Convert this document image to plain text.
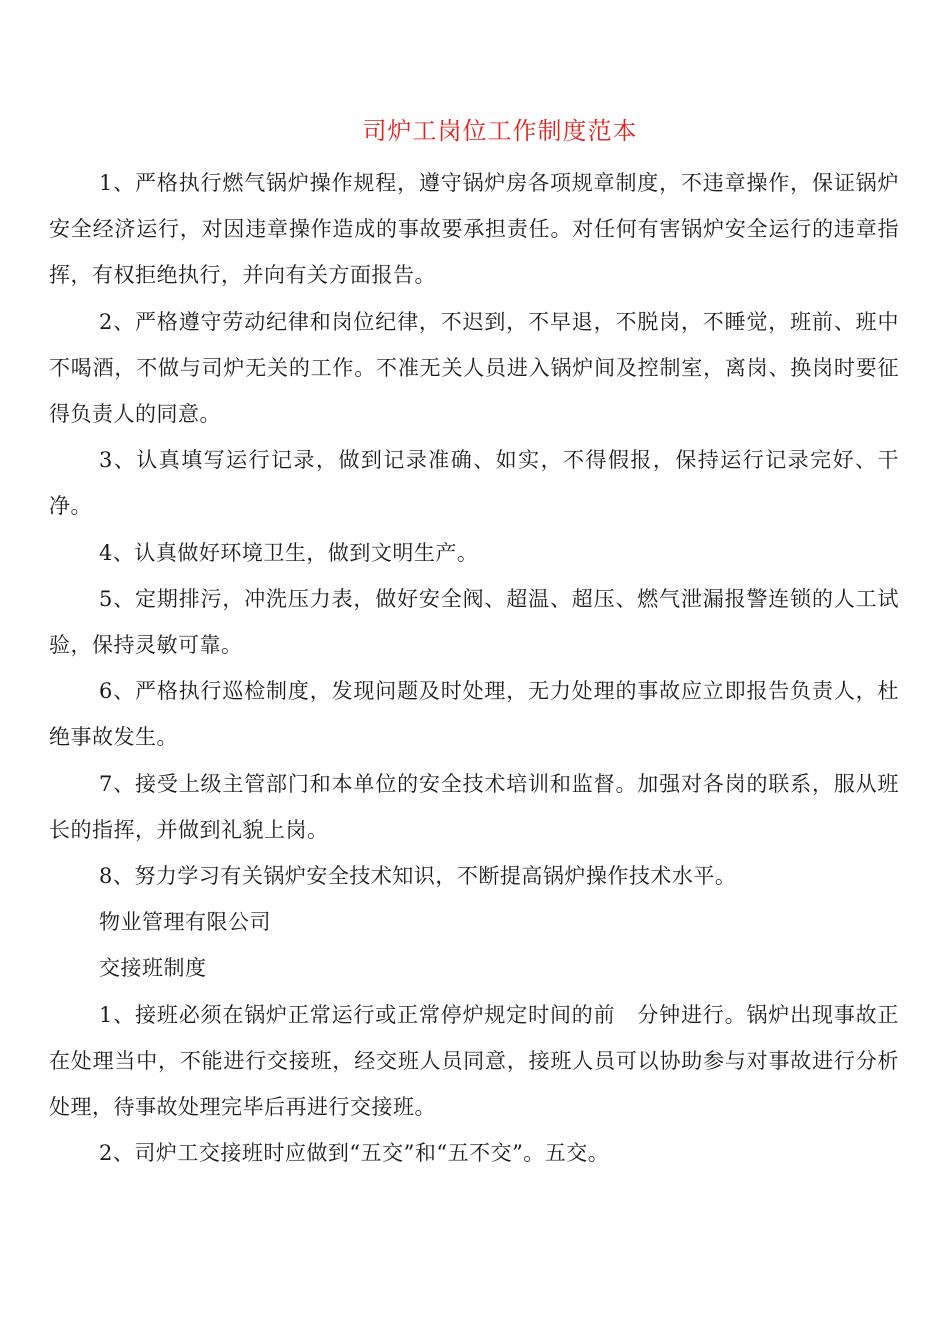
司炉工岗位工作制度范本

1、严格执行燃气锅炉操作规程，遵守锅炉房各项规章制度，不违章操作，保证锅炉安全经济运行，对因违章操作造成的事故要承担责任。对任何有害锅炉安全运行的违章指挥，有权拒绝执行，并向有关方面报告。

2、严格遵守劳动纪律和岗位纪律，不迟到，不早退，不脱岗，不睡觉，班前、班中不喝酒，不做与司炉无关的工作。不准无关人员进入锅炉间及控制室，离岗、换岗时要征得负责人的同意。

3、认真填写运行记录，做到记录准确、如实，不得假报，保持运行记录完好、干净。

4、认真做好环境卫生，做到文明生产。

5、定期排污，冲洗压力表，做好安全阀、超温、超压、燃气泄漏报警连锁的人工试验，保持灵敏可靠。

6、严格执行巡检制度，发现问题及时处理，无力处理的事故应立即报告负责人，杜绝事故发生。

7、接受上级主管部门和本单位的安全技术培训和监督。加强对各岗的联系，服从班长的指挥，并做到礼貌上岗。

8、努力学习有关锅炉安全技术知识，不断提高锅炉操作技术水平。

物业管理有限公司

交接班制度

1、接班必须在锅炉正常运行或正常停炉规定时间的前　分钟进行。锅炉出现事故正在处理当中，不能进行交接班，经交班人员同意，接班人员可以协助参与对事故进行分析处理，待事故处理完毕后再进行交接班。

2、司炉工交接班时应做到“五交”和“五不交”。五交。
